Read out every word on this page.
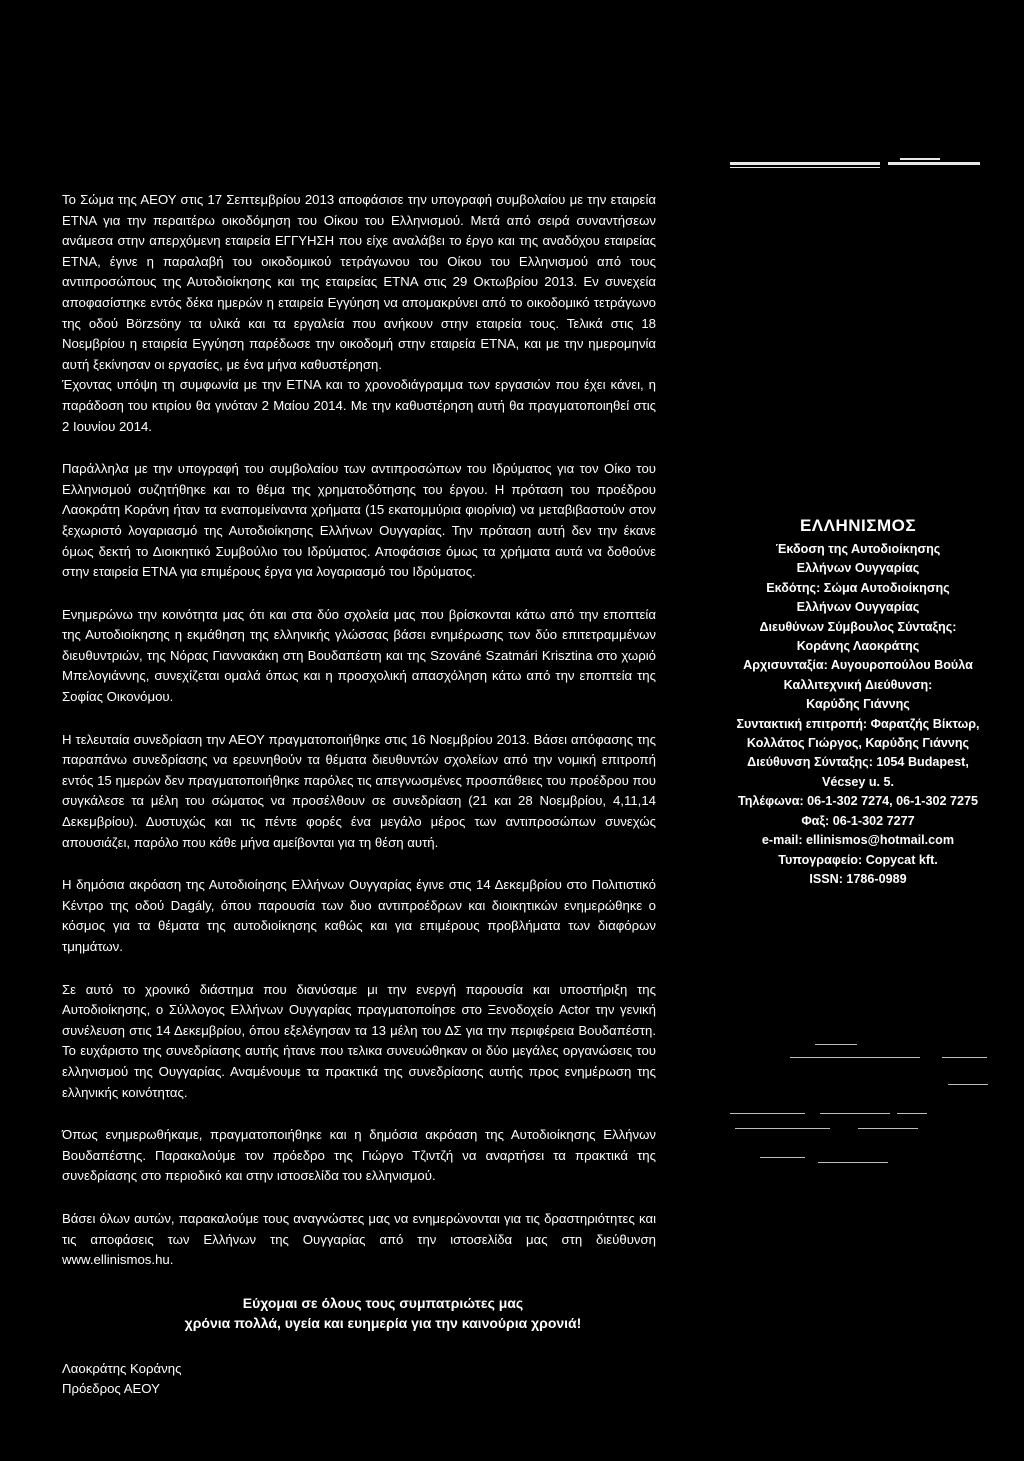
Το Σώμα της ΑΕΟΥ στις 17 Σεπτεμβρίου 2013 αποφάσισε την υπογραφή συμβολαίου με την εταιρεία ΕΤΝΑ για την περαιτέρω οικοδόμηση του Οίκου του Ελληνισμού. Μετά από σειρά συναντήσεων ανάμεσα στην απερχόμενη εταιρεία ΕΓΓΥΗΣΗ που είχε αναλάβει το έργο και της αναδόχου εταιρείας ΕΤΝΑ, έγινε η παραλαβή του οικοδομικού τετράγωνου του Οίκου του Ελληνισμού από τους αντιπροσώπους της Αυτοδιοίκησης και της εταιρείας ΕΤΝΑ στις 29 Οκτωβρίου 2013. Εν συνεχεία αποφασίστηκε εντός δέκα ημερών η εταιρεία Εγγύηση να απομακρύνει από το οικοδομικό τετράγωνο της οδού Börzsöny τα υλικά και τα εργαλεία που ανήκουν στην εταιρεία τους. Τελικά στις 18 Νοεμβρίου η εταιρεία Εγγύηση παρέδωσε την οικοδομή στην εταιρεία ΕΤΝΑ, και με την ημερομηνία αυτή ξεκίνησαν οι εργασίες, με ένα μήνα καθυστέρηση.

Έχοντας υπόψη τη συμφωνία με την ΕΤΝΑ και το χρονοδιάγραμμα των εργασιών που έχει κάνει, η παράδοση του κτιρίου θα γινόταν 2 Μαίου 2014. Με την καθυστέρηση αυτή θα πραγματοποιηθεί στις 2 Ιουνίου 2014.

Παράλληλα με την υπογραφή του συμβολαίου των αντιπροσώπων του Ιδρύματος για τον Οίκο του Ελληνισμού συζητήθηκε και το θέμα της χρηματοδότησης του έργου. Η πρόταση του προέδρου Λαοκράτη Κοράνη ήταν τα εναπομείναντα χρήματα (15 εκατομμύρια φιορίνια) να μεταβιβαστούν στον ξεχωριστό λογαριασμό της Αυτοδιοίκησης Ελλήνων Ουγγαρίας. Την πρόταση αυτή δεν την έκανε όμως δεκτή το Διοικητικό Συμβούλιο του Ιδρύματος. Αποφάσισε όμως τα χρήματα αυτά να δοθούνε στην εταιρεία ΕΤΝΑ για επιμέρους έργα για λογαριασμό του Ιδρύματος.

Ενημερώνω την κοινότητα μας ότι και στα δύο σχολεία μας που βρίσκονται κάτω από την εποπτεία της Αυτοδιοίκησης η εκμάθηση της ελληνικής γλώσσας βάσει ενημέρωσης των δύο επιτετραμμένων διευθυντριών, της Νόρας Γιαννακάκη στη Βουδαπέστη και της Szováné Szatmári Krisztina στο χωριό Μπελογιάννης, συνεχίζεται ομαλά όπως και η προσχολική απασχόληση κάτω από την εποπτεία της Σοφίας Οικονόμου.

Η τελευταία συνεδρίαση την ΑΕΟΥ πραγματοποιήθηκε στις 16 Νοεμβρίου 2013. Βάσει απόφασης της παραπάνω συνεδρίασης να ερευνηθούν τα θέματα διευθυντών σχολείων από την νομική επιτροπή εντός 15 ημερών δεν πραγματοποιήθηκε παρόλες τις απεγνωσμένες προσπάθειες του προέδρου που συγκάλεσε τα μέλη του σώματος να προσέλθουν σε συνεδρίαση (21 και 28 Νοεμβρίου, 4,11,14 Δεκεμβρίου). Δυστυχώς και τις πέντε φορές ένα μεγάλο μέρος των αντιπροσώπων συνεχώς απουσιάζει, παρόλο που κάθε μήνα αμείβονται για τη θέση αυτή.

Η δημόσια ακρόαση της Αυτοδιοίησης Ελλήνων Ουγγαρίας έγινε στις 14 Δεκεμβρίου στο Πολιτιστικό Κέντρο της οδού Dagály, όπου παρουσία των δυο αντιπροέδρων και διοικητικών ενημερώθηκε ο κόσμος για τα θέματα της αυτοδιοίκησης καθώς και για επιμέρους προβλήματα των διαφόρων τμημάτων.

Σε αυτό το χρονικό διάστημα που διανύσαμε μι την ενεργή παρουσία και υποστήριξη της Αυτοδιοίκησης, ο Σύλλογος Ελλήνων Ουγγαρίας πραγματοποίησε στο Ξενοδοχείο Actor την γενική συνέλευση στις 14 Δεκεμβρίου, όπου εξελέγησαν τα 13 μέλη του ΔΣ για την περιφέρεια Βουδαπέστη. Το ευχάριστο της συνεδρίασης αυτής ήτανε που τελικα συνευώθηκαν οι δύο μεγάλες οργανώσεις του ελληνισμού της Ουγγαρίας. Αναμένουμε τα πρακτικά της συνεδρίασης αυτής προς ενημέρωση της ελληνικής κοινότητας.

Όπως ενημερωθήκαμε, πραγματοποιήθηκε και η δημόσια ακρόαση της Αυτοδιοίκησης Ελλήνων Βουδαπέστης. Παρακαλούμε τον πρόεδρο της Γιώργο Τζιντζή να αναρτήσει τα πρακτικά της συνεδρίασης στο περιοδικό και στην ιστοσελίδα του ελληνισμού.

Βάσει όλων αυτών, παρακαλούμε τους αναγνώστες μας να ενημερώνονται για τις δραστηριότητες και τις αποφάσεις των Ελλήνων της Ουγγαρίας από την ιστοσελίδα μας στη διεύθυνση www.ellinismos.hu.

Εύχομαι σε όλους τους συμπατριώτες μας
χρόνια πολλά, υγεία και ευημερία για την καινούρια χρονιά!
Λαοκράτης Κοράνης
Πρόεδρος ΑΕΟΥ
ΕΛΛΗΝΙΣΜΟΣ
Έκδοση της Αυτοδιοίκησης
Ελλήνων Ουγγαρίας
Εκδότης: Σώμα Αυτοδιοίκησης
Ελλήνων Ουγγαρίας
Διευθύνων Σύμβουλος Σύνταξης:
Κοράνης Λαοκράτης
Αρχισυνταξία: Αυγουροπούλου Βούλα
Καλλιτεχνική Διεύθυνση:
Καρύδης Γιάννης
Συντακτική επιτροπή: Φαρατζής Βίκτωρ,
Κολλάτος Γιώργος, Καρύδης Γιάννης
Διεύθυνση Σύνταξης: 1054 Budapest,
Vécsey u. 5.
Τηλέφωνα: 06-1-302 7274, 06-1-302 7275
Φαξ: 06-1-302 7277
e-mail: ellinismos@hotmail.com
Τυπογραφείο: Copycat kft.
ISSN: 1786-0989
